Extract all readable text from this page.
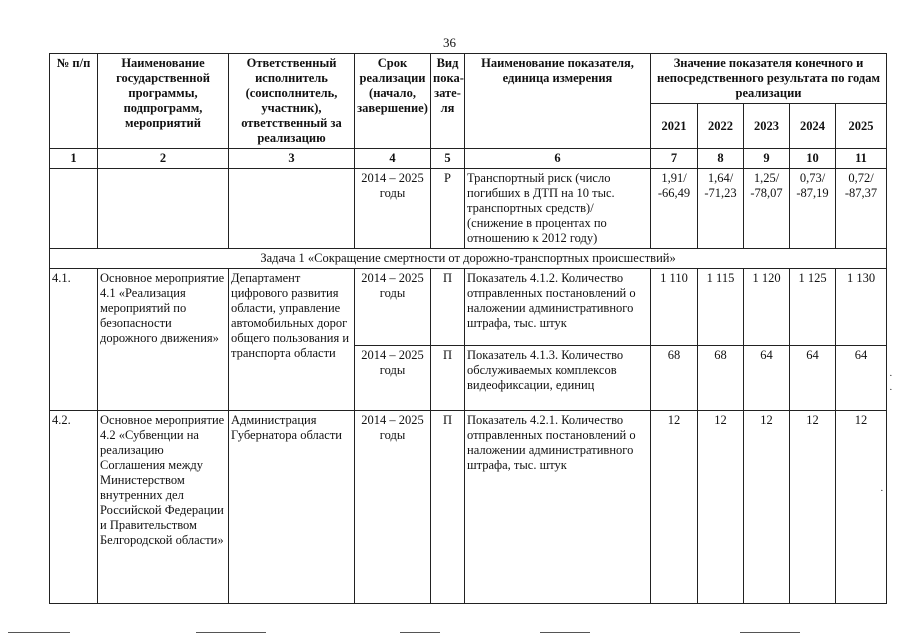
36
№ п/п	Наименование государственной программы, подпрограмм, мероприятий	Ответственный исполнитель (соисполнитель, участник), ответственный за реализацию	Срок реализации (начало, завершение)	Вид пока-зате-ля	Наименование показателя, единица измерения	Значение показателя конечного и непосредственного результата по годам реализации				
						2021	2022	2023	2024	2025
1	2	3	4	5	6	7	8	9	10	11
			2014 – 2025 годы	Р	Транспортный риск (число погибших в ДТП на 10 тыс. транспортных средств)/ (снижение в процентах по отношению к 2012 году)	1,91/ -66,49	1,64/ -71,23	1,25/ -78,07	0,73/ -87,19	0,72/ -87,37
Задача 1 «Сокращение смертности от дорожно-транспортных происшествий»										
4.1.	Основное мероприятие 4.1 «Реализация мероприятий по безопасности дорожного движения»	Департамент цифрового развития области, управление автомобильных дорог общего пользования и транспорта области	2014 – 2025 годы	П	Показатель 4.1.2. Количество отправленных постановлений о наложении административного штрафа, тыс. штук	1 110	1 115	1 120	1 125	1 130
			2014 – 2025 годы	П	Показатель 4.1.3. Количество обслуживаемых комплексов видеофиксации, единиц	68	68	64	64	64
4.2.	Основное мероприятие 4.2 «Субвенции на реализацию Соглашения между Министерством внутренних дел Российской Федерации и Правительством Белгородской области»	Администрация Губернатора области	2014 – 2025 годы	П	Показатель 4.2.1. Количество отправленных постановлений о наложении административного штрафа, тыс. штук	12	12	12	12	12
·
·
·
